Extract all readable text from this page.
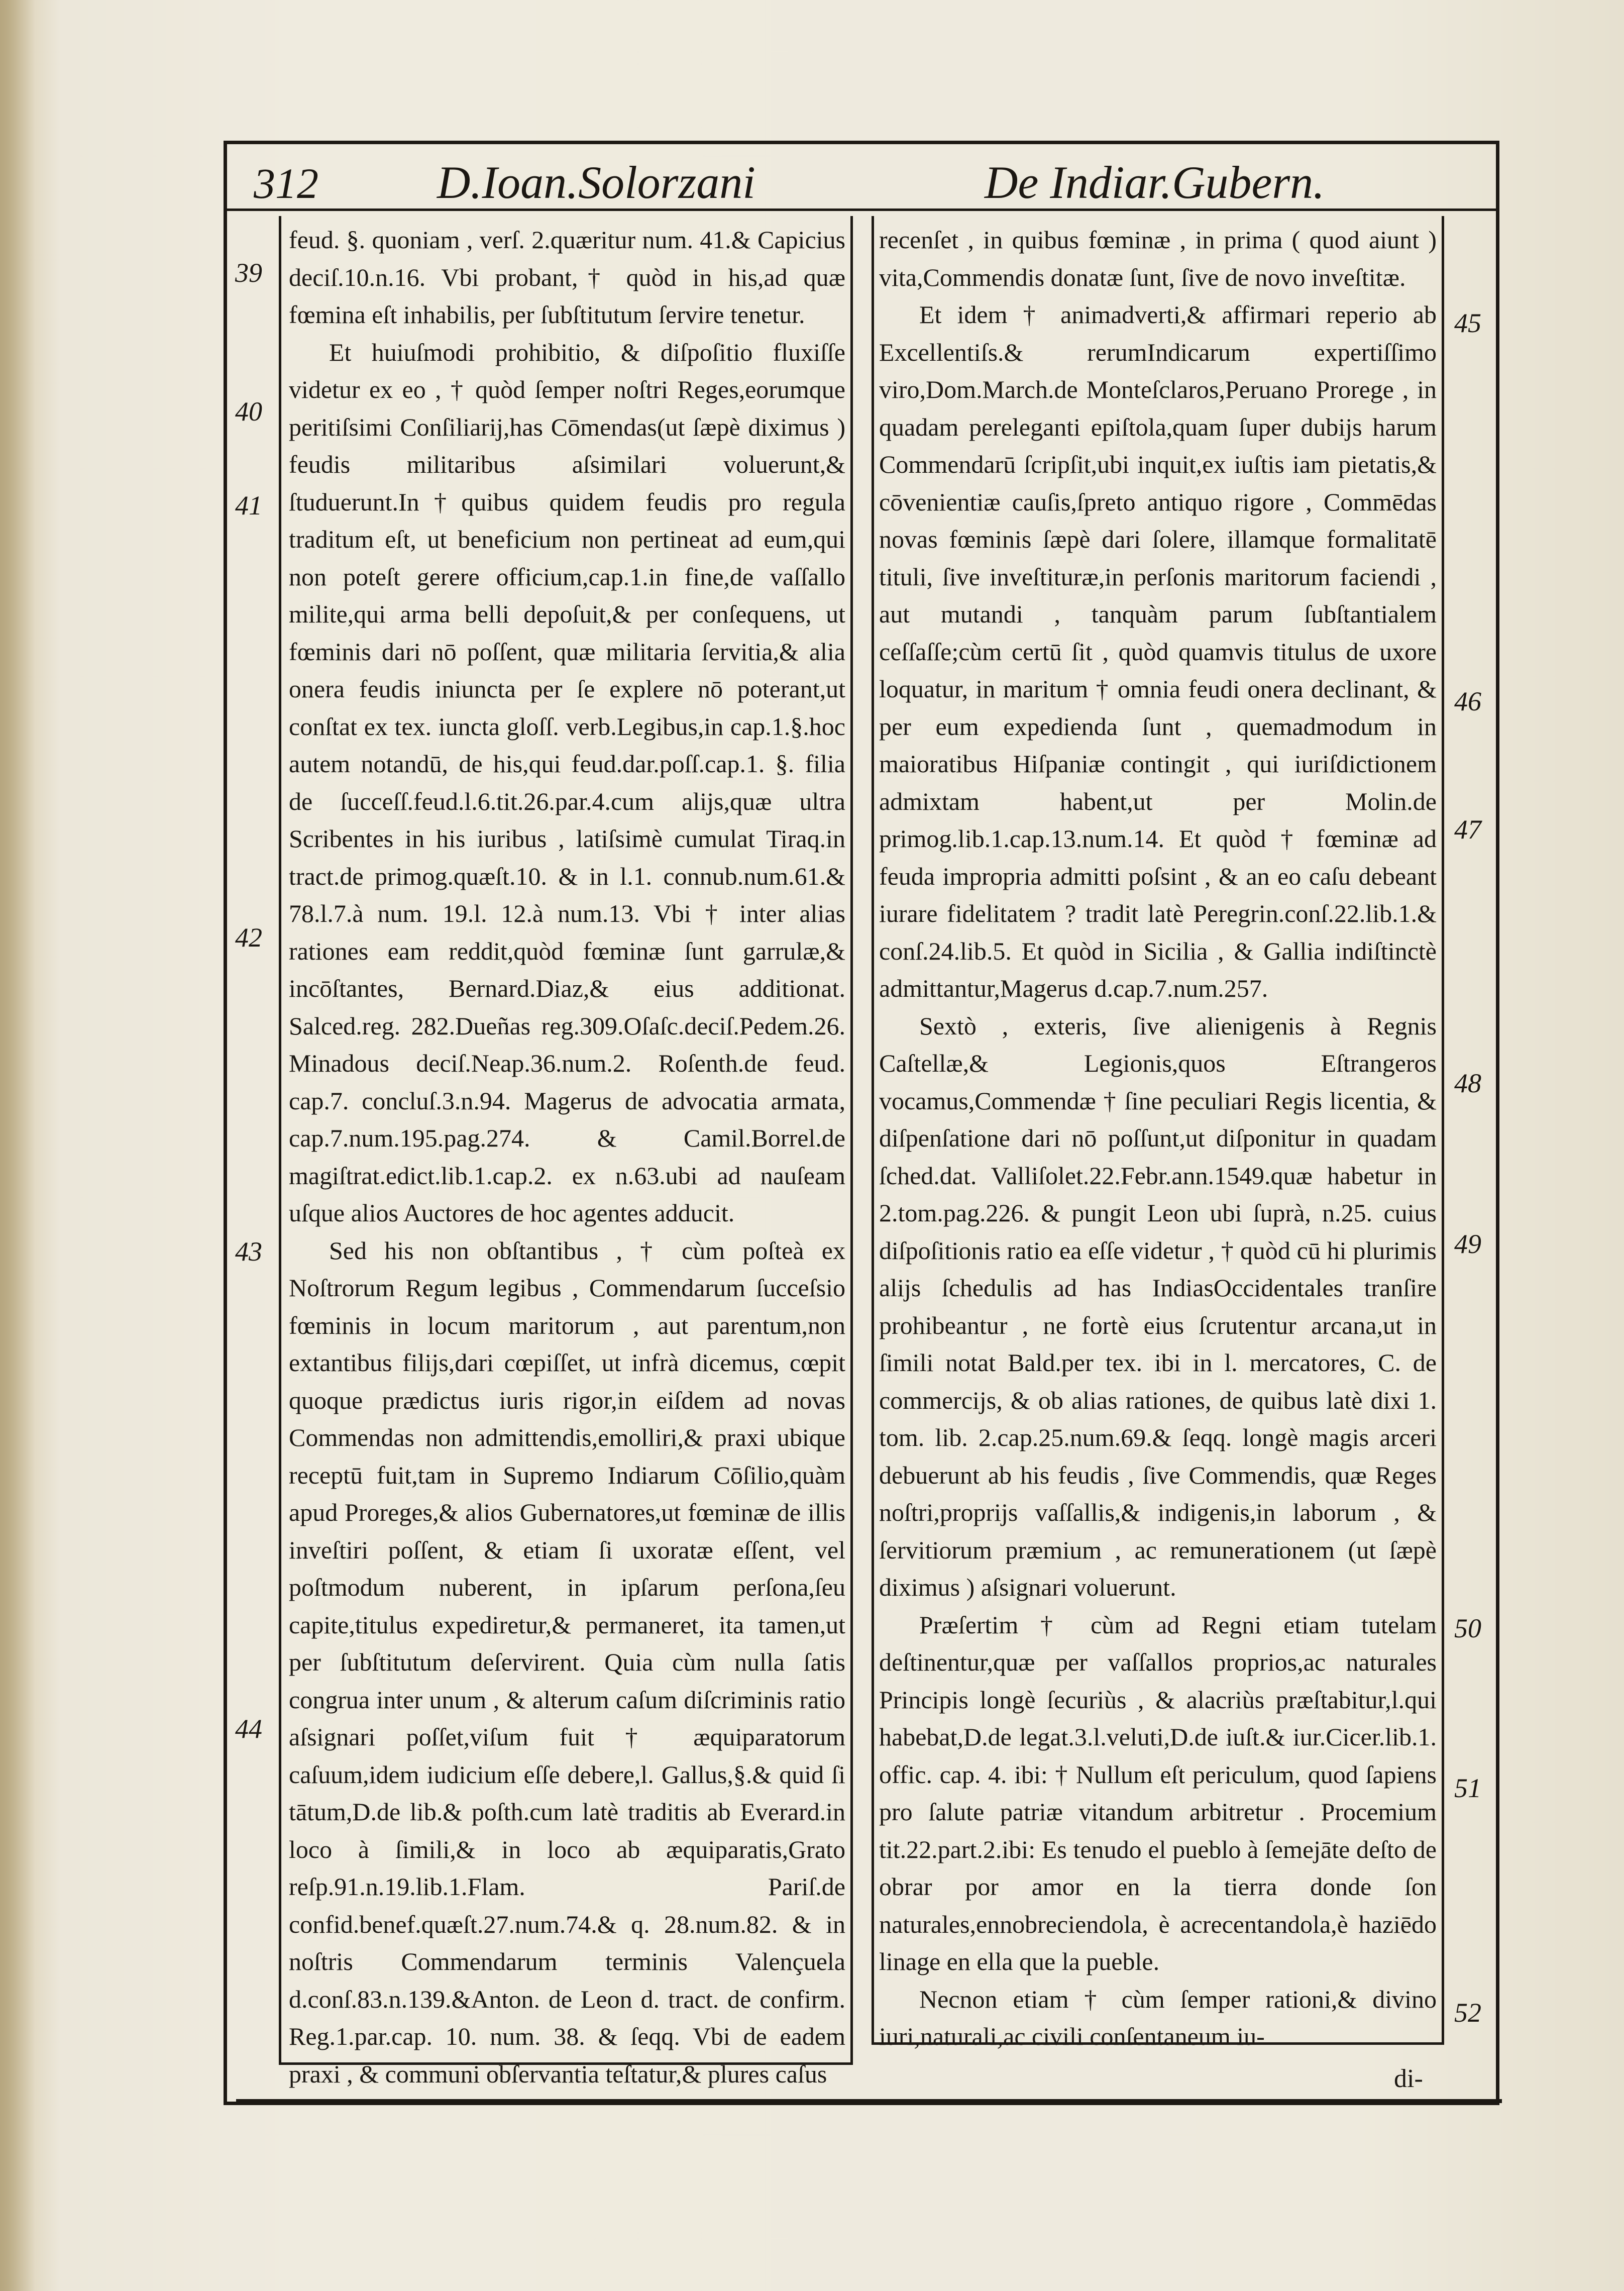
312	D.Ioan.Solorzani	De Indiar.Gubern.

feud. §. quoniam , verſ. 2.quæritur num. 41.& Capicius deciſ.10.n.16. Vbi probant,† quòd in his,ad quæ fœmina eſt inhabilis, per ſubſtitutum ſervire tenetur.

Et huiuſmodi prohibitio, & diſpoſitio fluxiſſe videtur ex eo , † quòd ſemper noſtri Reges,eorumque peritiſsimi Conſiliarij,has Cōmendas(ut ſæpè diximus ) feudis militaribus aſsimilari voluerunt,& ſtuduerunt.In†quibus quidem feudis pro regula traditum eſt, ut beneficium non pertineat ad eum,qui non poteſt gerere officium,cap.1.in fine,de vaſſallo milite,qui arma belli depoſuit,& per conſequens, ut fœminis dari nō poſſent, quæ militaria ſervitia,& alia onera feudis iniuncta per ſe explere nō poterant,ut conſtat ex tex. iuncta gloſſ. verb.Legibus,in cap.1.§.hoc autem notandū, de his,qui feud.dar.poſſ.cap.1. §. filia de ſucceſſ.feud.l.6.tit.26.par.4.cum alijs,quæ ultra Scribentes in his iuribus , latiſsimè cumulat Tiraq.in tract.de primog.quæſt.10. & in l.1. connub.num.61.& 78.l.7.à num. 19.l. 12.à num.13. Vbi † inter alias rationes eam reddit,quòd fœminæ ſunt garrulæ,& incōſtantes, Bernard.Diaz,& eius additionat. Salced.reg. 282.Dueñas reg.309.Oſaſc.deciſ.Pedem.26. Minadous deciſ.Neap.36.num.2. Roſenth.de feud. cap.7. concluſ.3.n.94. Magerus de advocatia armata, cap.7.num.195.pag.274. & Camil.Borrel.de magiſtrat.edict.lib.1.cap.2. ex n.63.ubi ad nauſeam uſque alios Auctores de hoc agentes adducit.

Sed his non obſtantibus , † cùm poſteà ex Noſtrorum Regum legibus , Commendarum ſucceſsio fœminis in locum maritorum , aut parentum,non extantibus filijs,dari cœpiſſet, ut infrà dicemus, cœpit quoque prædictus iuris rigor,in eiſdem ad novas Commendas non admittendis,emolliri,& praxi ubique receptū fuit,tam in Supremo Indiarum Cōſilio,quàm apud Proreges,& alios Gubernatores,ut fœminæ de illis inveſtiri poſſent, & etiam ſi uxoratæ eſſent, vel poſtmodum nuberent, in ipſarum perſona,ſeu capite,titulus expediretur,& permaneret, ita tamen,ut per ſubſtitutum deſervirent. Quia cùm nulla ſatis congrua inter unum , & alterum caſum diſcriminis ratio aſsignari poſſet,viſum fuit † æquiparatorum caſuum,idem iudicium eſſe debere,l. Gallus,§.& quid ſi tātum,D.de lib.& poſth.cum latè traditis ab Everard.in loco à ſimili,& in loco ab æquiparatis,Grato reſp.91.n.19.lib.1.Flam. Pariſ.de confid.benef.quæſt.27.num.74.& q. 28.num.82. & in noſtris Commendarum terminis Valençuela d.conſ.83.n.139.&Anton. de Leon d. tract. de confirm. Reg.1.par.cap. 10. num. 38. & ſeqq. Vbi de eadem praxi , & communi obſervantia teſtatur,& plures caſus

recenſet , in quibus fœminæ , in prima ( quod aiunt ) vita,Commendis donatæ ſunt, ſive de novo inveſtitæ.

Et idem † animadverti,& affirmari reperio ab Excellentiſs.& rerumIndicarum expertiſſimo viro,Dom.March.de Monteſclaros,Peruano Prorege , in quadam pereleganti epiſtola,quam ſuper dubijs harum Commendarū ſcripſit,ubi inquit,ex iuſtis iam pietatis,& cōvenientiæ cauſis,ſpreto antiquo rigore , Commēdas novas fœminis ſæpè dari ſolere, illamque formalitatē tituli, ſive inveſtituræ,in perſonis maritorum faciendi , aut mutandi , tanquàm parum ſubſtantialem ceſſaſſe;cùm certū ſit , quòd quamvis titulus de uxore loquatur, in maritum † omnia feudi onera declinant, & per eum expedienda ſunt , quemadmodum in maioratibus Hiſpaniæ contingit , qui iuriſdictionem admixtam habent,ut per Molin.de primog.lib.1.cap.13.num.14. Et quòd † fœminæ ad feuda impropria admitti poſsint , & an eo caſu debeant iurare fidelitatem ? tradit latè Peregrin.conſ.22.lib.1.& conſ.24.lib.5. Et quòd in Sicilia , & Gallia indiſtinctè admittantur,Magerus d.cap.7.num.257.

Sextò , exteris, ſive alienigenis à Regnis Caſtellæ,& Legionis,quos Eſtrangeros vocamus,Commendæ † ſine peculiari Regis licentia, & diſpenſatione dari nō poſſunt,ut diſponitur in quadam ſched.dat. Valliſolet.22.Febr.ann.1549.quæ habetur in 2.tom.pag.226. & pungit Leon ubi ſuprà, n.25. cuius diſpoſitionis ratio ea eſſe videtur , † quòd cū hi plurimis alijs ſchedulis ad has IndiasOccidentales tranſire prohibeantur , ne fortè eius ſcrutentur arcana,ut in ſimili notat Bald.per tex. ibi in l. mercatores, C. de commercijs, & ob alias rationes, de quibus latè dixi 1. tom. lib. 2.cap.25.num.69.& ſeqq. longè magis arceri debuerunt ab his feudis , ſive Commendis, quæ Reges noſtri,proprijs vaſſallis,& indigenis,in laborum , & ſervitiorum præmium , ac remunerationem (ut ſæpè diximus ) aſsignari voluerunt.

Præſertim † cùm ad Regni etiam tutelam deſtinentur,quæ per vaſſallos proprios,ac naturales Principis longè ſecuriùs , & alacriùs præſtabitur,l.qui habebat,D.de legat.3.l.veluti,D.de iuſt.& iur.Cicer.lib.1. offic. cap. 4. ibi: † Nullum eſt periculum, quod ſapiens pro ſalute patriæ vitandum arbitretur . Procemium tit.22.part.2.ibi: Es tenudo el pueblo à ſemejāte deſto de obrar por amor en la tierra donde ſon naturales,ennobreciendola, è acrecentandola,è haziēdo linage en ella que la pueble.

Necnon etiam † cùm ſemper rationi,& divino iuri,naturali,ac civili conſentaneum iu-

39
40
41
42
43
44
45
46
47
48
49
50
51
52
di-
